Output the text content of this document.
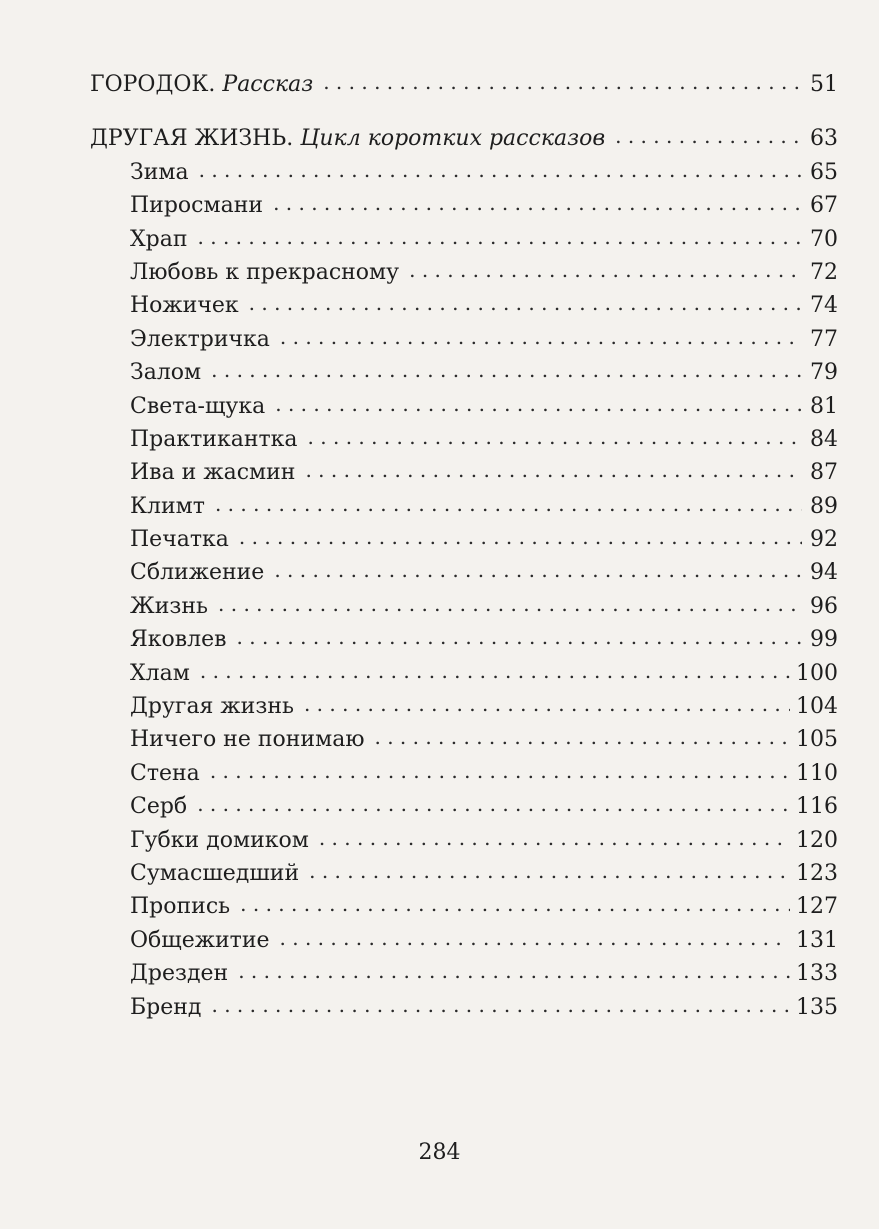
ГОРОДОК. Рассказ . . .	51
ДРУГАЯ ЖИЗНЬ. Цикл коротких рассказов . . .	63
Зима . . .	65
Пиросмани . . .	67
Храп . . .	70
Любовь к прекрасному . . .	72
Ножичек . . .	74
Электричка . . .	77
Залом . . .	79
Света-щука . . .	81
Практикантка . . .	84
Ива и жасмин . . .	87
Климт . . .	89
Печатка . . .	92
Сближение . . .	94
Жизнь . . .	96
Яковлев . . .	99
Хлам . . .	100
Другая жизнь . . .	104
Ничего не понимаю . . .	105
Стена . . .	110
Серб . . .	116
Губки домиком . . .	120
Сумасшедший . . .	123
Пропись . . .	127
Общежитие . . .	131
Дрезден . . .	133
Бренд . . .	135
284
